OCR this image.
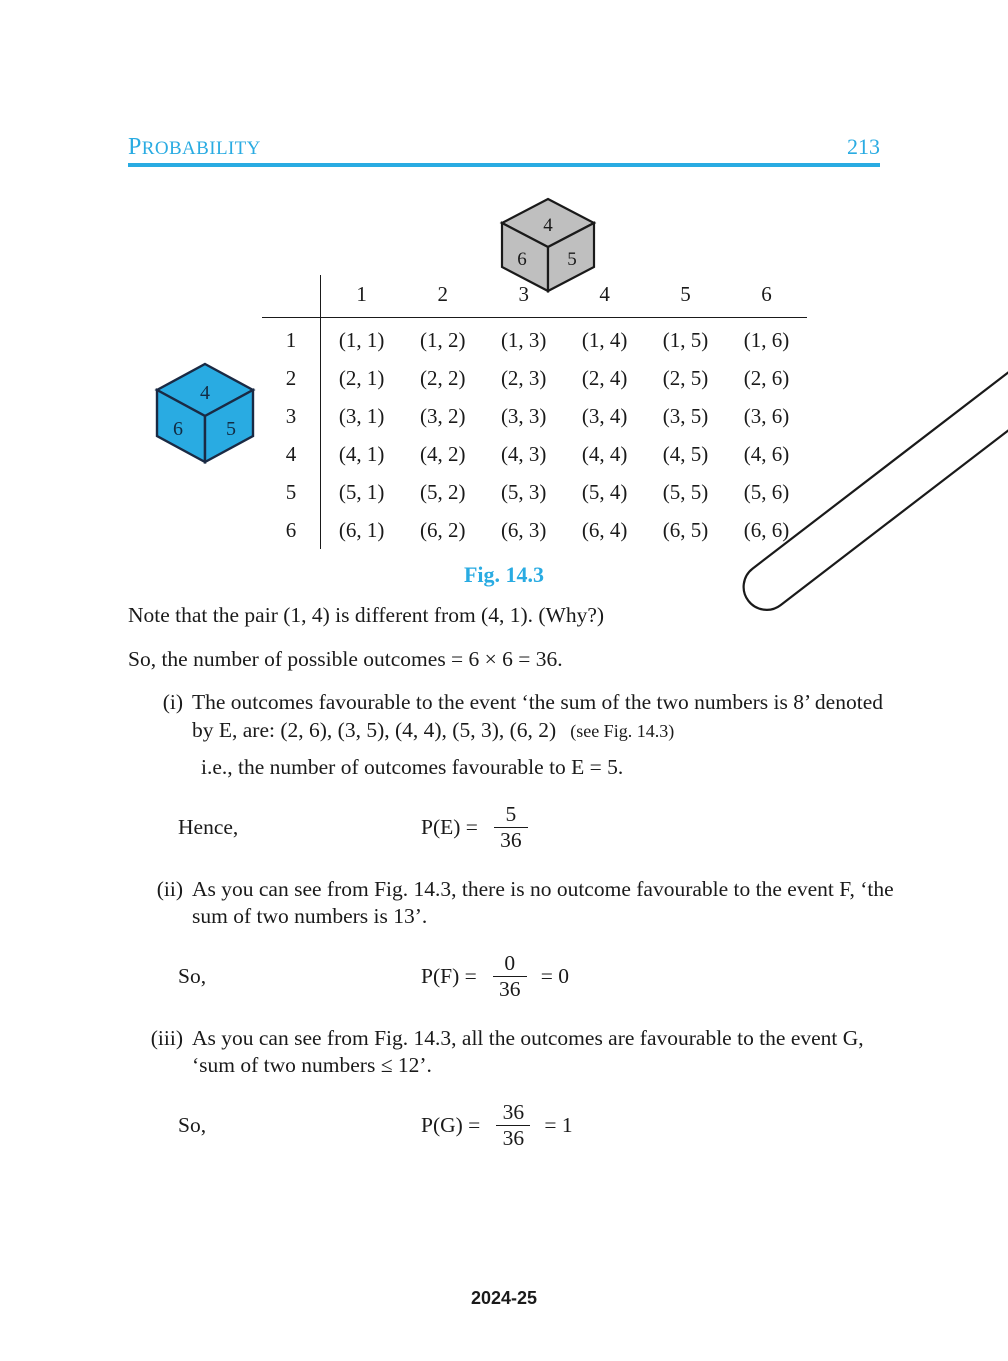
PROBABILITY	213
4
6 5
4
6 5
	1	2	3	4	5	6
1	(1, 1)	(1, 2)	(1, 3)	(1, 4)	(1, 5)	(1, 6)
2	(2, 1)	(2, 2)	(2, 3)	(2, 4)	(2, 5)	(2, 6)
3	(3, 1)	(3, 2)	(3, 3)	(3, 4)	(3, 5)	(3, 6)
4	(4, 1)	(4, 2)	(4, 3)	(4, 4)	(4, 5)	(4, 6)
5	(5, 1)	(5, 2)	(5, 3)	(5, 4)	(5, 5)	(5, 6)
6	(6, 1)	(6, 2)	(6, 3)	(6, 4)	(6, 5)	(6, 6)
Fig. 14.3

Note that the pair (1, 4) is different from (4, 1). (Why?)

So, the number of possible outcomes = 6 × 6 = 36.

(i) The outcomes favourable to the event ‘the sum of the two numbers is 8’ denoted by E, are: (2, 6), (3, 5), (4, 4), (5, 3), (6, 2) (see Fig. 14.3)

i.e., the number of outcomes favourable to E = 5.

Hence,	$P(E) = \frac{5}{36}$
(ii) As you can see from Fig. 14.3, there is no outcome favourable to the event F, ‘the sum of two numbers is 13’.
So,	$P(F) = \frac{0}{36} = 0$
(iii) As you can see from Fig. 14.3, all the outcomes are favourable to the event G, ‘sum of two numbers ≤ 12’.
So,	$P(G) = \frac{36}{36} = 1$
2024-25
